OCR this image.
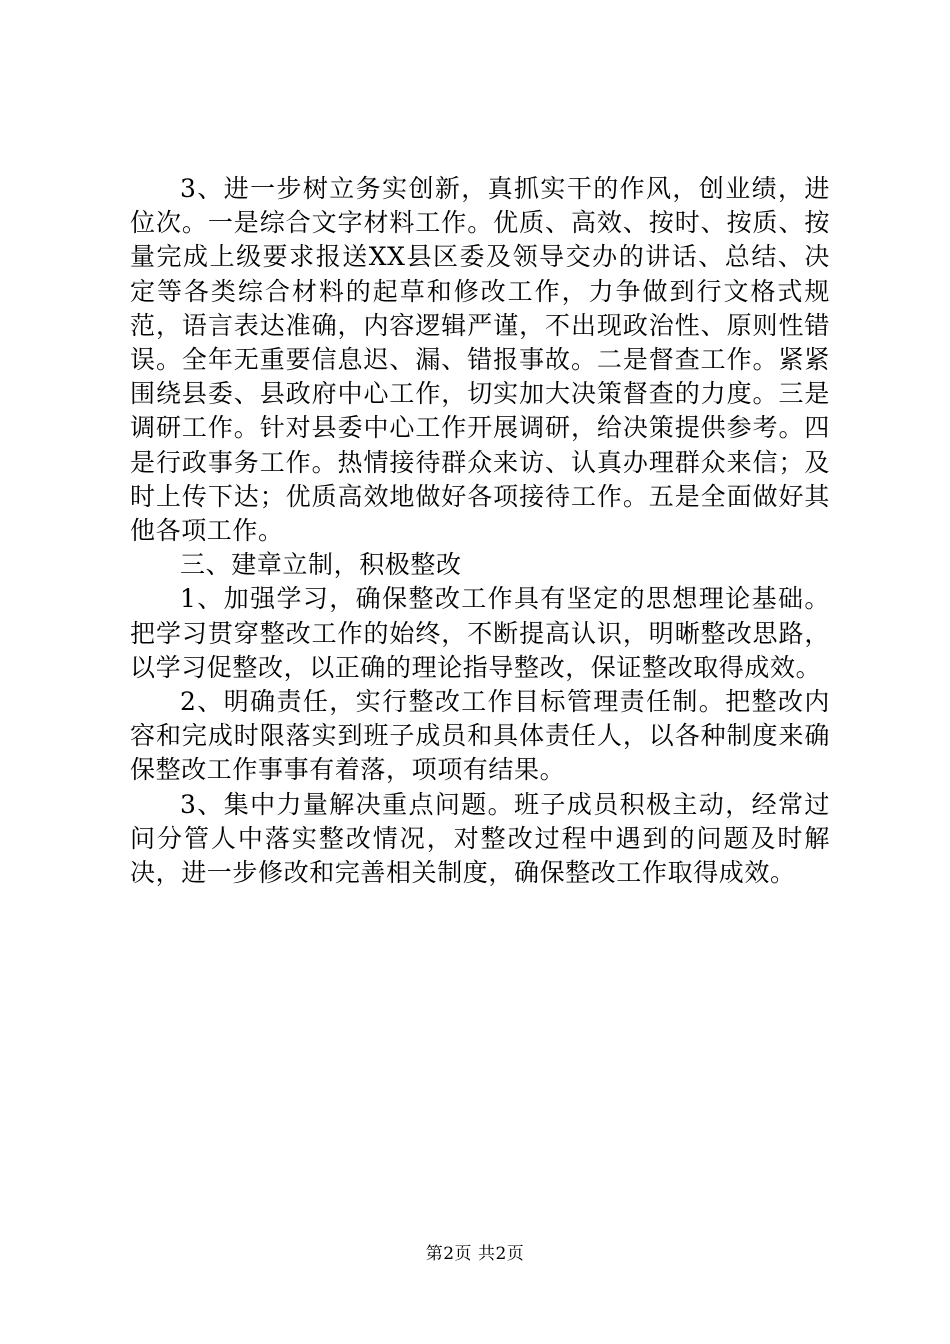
3、进一步树立务实创新，真抓实干的作风，创业绩，进位次。一是综合文字材料工作。优质、高效、按时、按质、按量完成上级要求报送XX县区委及领导交办的讲话、总结、决定等各类综合材料的起草和修改工作，力争做到行文格式规范，语言表达准确，内容逻辑严谨，不出现政治性、原则性错误。全年无重要信息迟、漏、错报事故。二是督查工作。紧紧围绕县委、县政府中心工作，切实加大决策督查的力度。三是调研工作。针对县委中心工作开展调研，给决策提供参考。四是行政事务工作。热情接待群众来访、认真办理群众来信；及时上传下达；优质高效地做好各项接待工作。五是全面做好其他各项工作。

三、建章立制，积极整改

1、加强学习，确保整改工作具有坚定的思想理论基础。把学习贯穿整改工作的始终，不断提高认识，明晰整改思路，以学习促整改，以正确的理论指导整改，保证整改取得成效。

2、明确责任，实行整改工作目标管理责任制。把整改内容和完成时限落实到班子成员和具体责任人，以各种制度来确保整改工作事事有着落，项项有结果。

3、集中力量解决重点问题。班子成员积极主动，经常过问分管人中落实整改情况，对整改过程中遇到的问题及时解决，进一步修改和完善相关制度，确保整改工作取得成效。

第2页 共2页
